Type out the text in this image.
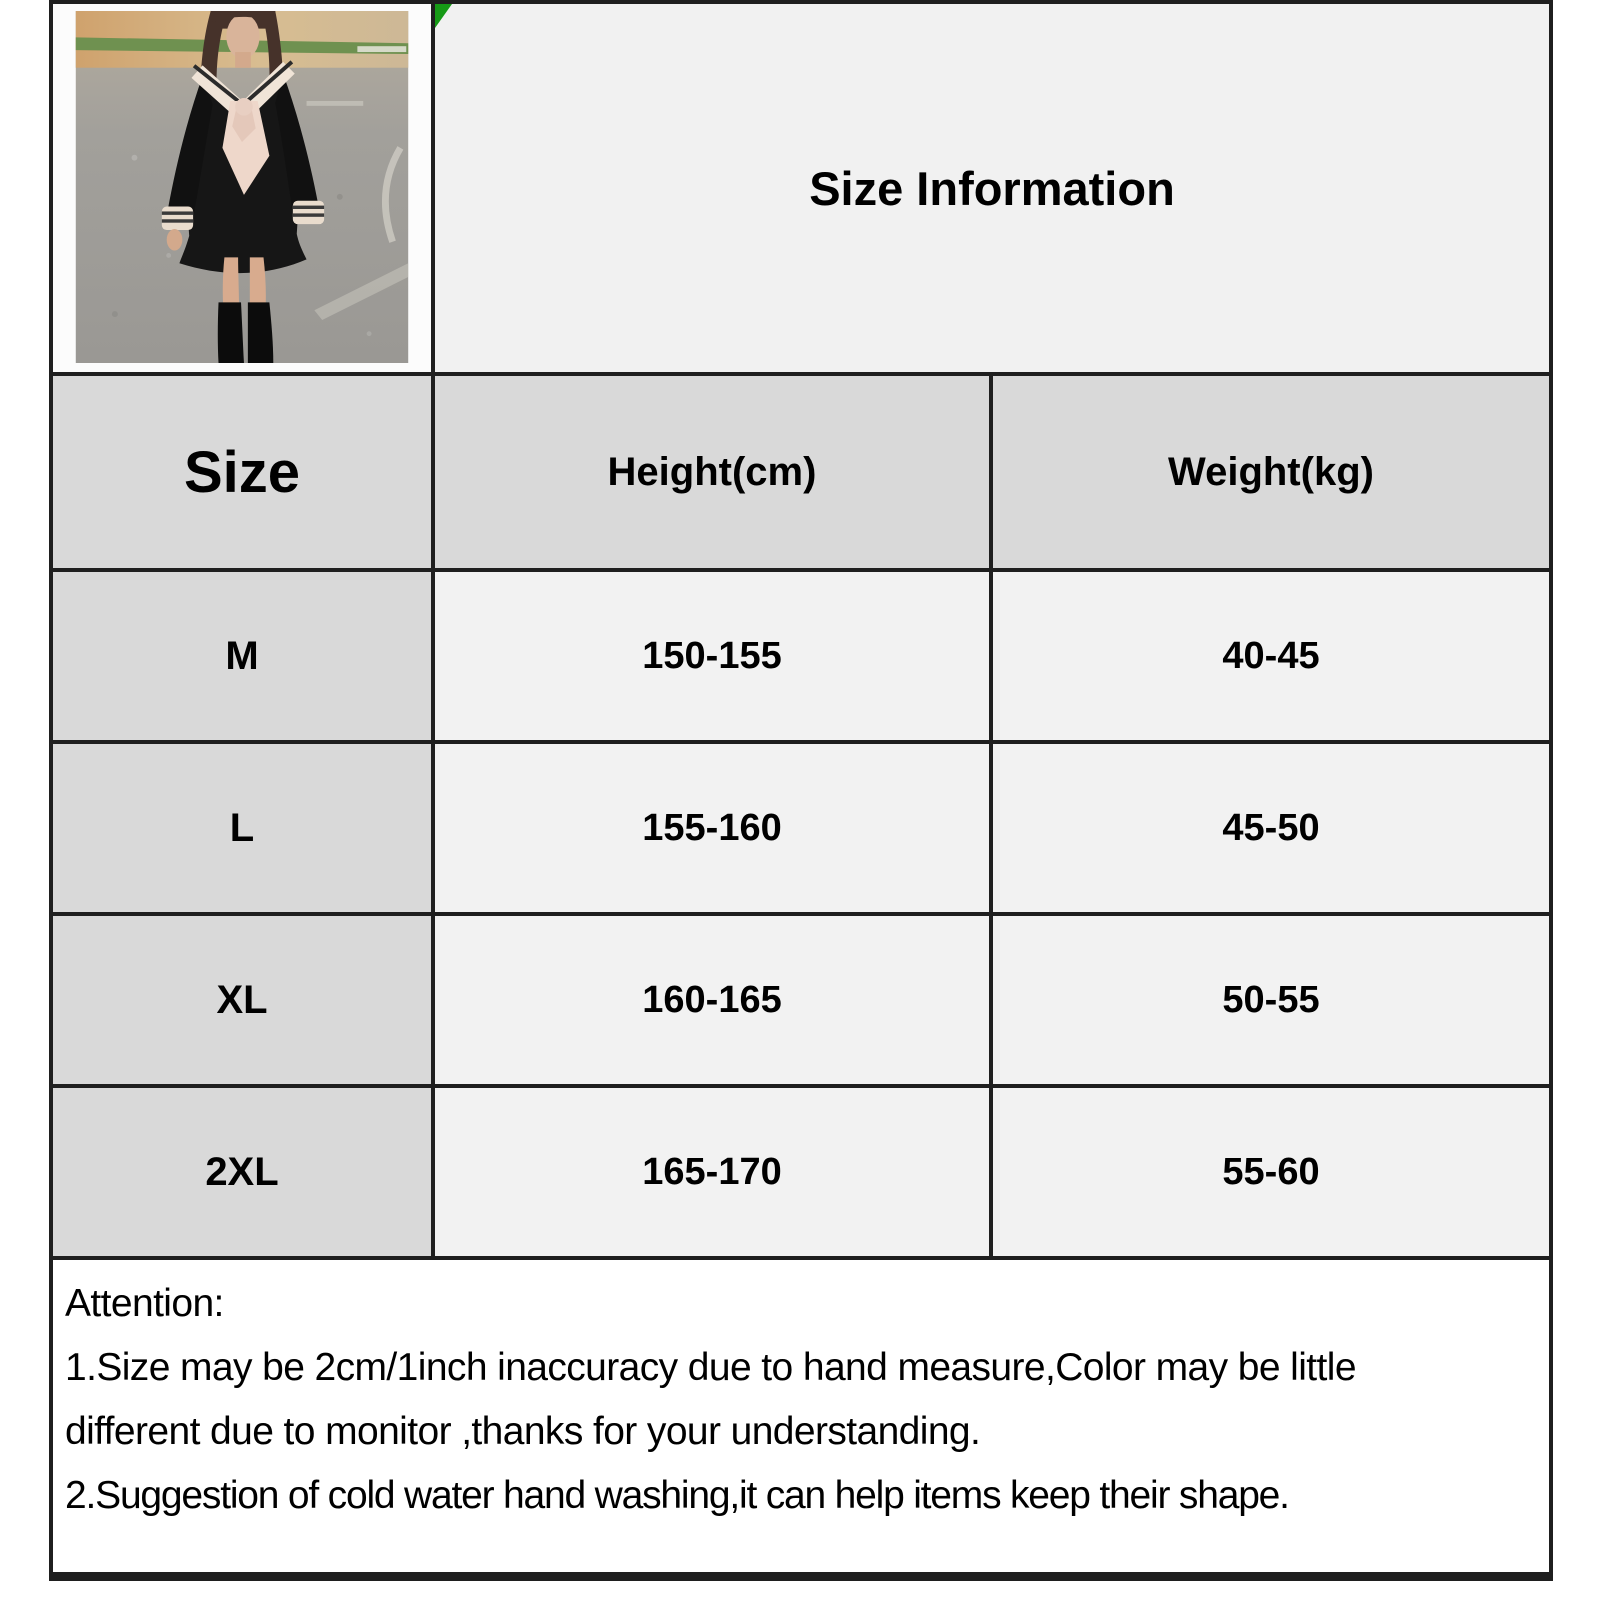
Size Information	

Size	Height(cm)	Weight(kg)
M	150-155	40-45
L	155-160	45-50
XL	160-165	50-55
2XL	165-170	55-60

Attention:
1.Size may be 2cm/1inch inaccuracy due to hand measure,Color may be little
different due to monitor ,thanks for your understanding.
2.Suggestion of cold water hand washing,it can help items keep their shape.		
